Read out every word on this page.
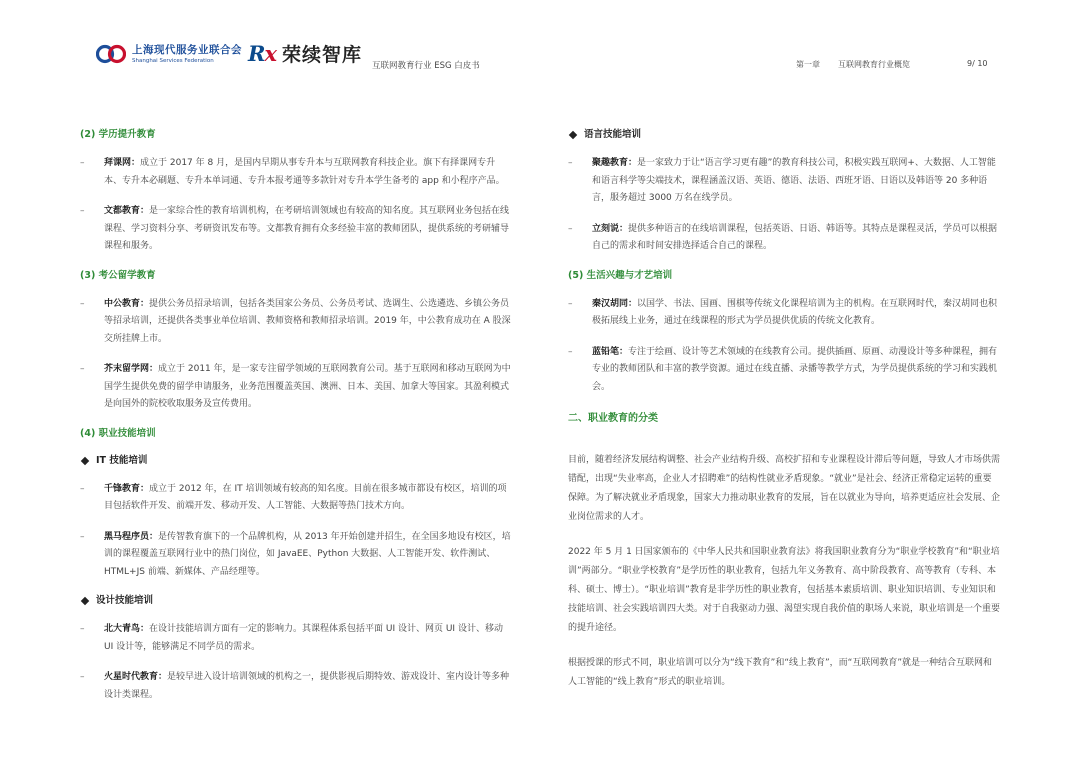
上海现代服务业联合会
Shanghai Services Federation	Rx 荣续智库 互联网教育行业 ESG 白皮书	第一章 互联网教育行业概览	9/ 10
(2) 学历提升教育
– 拜课网：成立于 2017 年 8 月，是国内早期从事专升本与互联网教育科技企业。旗下有择课网专升本、专升本必刷题、专升本单词通、专升本报考通等多款针对专升本学生备考的 app 和小程序产品。
– 文都教育：是一家综合性的教育培训机构，在考研培训领域也有较高的知名度。其互联网业务包括在线课程、学习资料分享、考研资讯发布等。文都教育拥有众多经验丰富的教师团队，提供系统的考研辅导课程和服务。
(3) 考公留学教育
– 中公教育：提供公务员招录培训，包括各类国家公务员、公务员考试、选调生、公选遴选、乡镇公务员等招录培训，还提供各类事业单位培训、教师资格和教师招录培训。2019 年，中公教育成功在 A 股深交所挂牌上市。
– 芥末留学网：成立于 2011 年，是一家专注留学领域的互联网教育公司。基于互联网和移动互联网为中国学生提供免费的留学申请服务，业务范围覆盖英国、澳洲、日本、美国、加拿大等国家。其盈利模式是向国外的院校收取服务及宣传费用。
(4) 职业技能培训
IT 技能培训
– 千锋教育：成立于 2012 年，在 IT 培训领域有较高的知名度。目前在很多城市都设有校区，培训的项目包括软件开发、前端开发、移动开发、人工智能、大数据等热门技术方向。
– 黑马程序员：是传智教育旗下的一个品牌机构，从 2013 年开始创建并招生，在全国多地设有校区，培训的课程覆盖互联网行业中的热门岗位，如 JavaEE、Python 大数据、人工智能开发、软件测试、HTML+JS 前端、新媒体、产品经理等。
设计技能培训
– 北大青鸟：在设计技能培训方面有一定的影响力。其课程体系包括平面 UI 设计、网页 UI 设计、移动 UI 设计等，能够满足不同学员的需求。
– 火星时代教育：是较早进入设计培训领域的机构之一，提供影视后期特效、游戏设计、室内设计等多种设计类课程。
语言技能培训
– 聚趣教育：是一家致力于让“语言学习更有趣”的教育科技公司，积极实践互联网+、大数据、人工智能和语言科学等尖端技术，课程涵盖汉语、英语、德语、法语、西班牙语、日语以及韩语等 20 多种语言，服务超过 3000 万名在线学员。
– 立刻说：提供多种语言的在线培训课程，包括英语、日语、韩语等。其特点是课程灵活，学员可以根据自己的需求和时间安排选择适合自己的课程。
(5) 生活兴趣与才艺培训
– 秦汉胡同：以国学、书法、国画、围棋等传统文化课程培训为主的机构。在互联网时代，秦汉胡同也积极拓展线上业务，通过在线课程的形式为学员提供优质的传统文化教育。
– 蓝铅笔：专注于绘画、设计等艺术领域的在线教育公司。提供插画、原画、动漫设计等多种课程，拥有专业的教师团队和丰富的教学资源。通过在线直播、录播等教学方式，为学员提供系统的学习和实践机会。
二、职业教育的分类
目前，随着经济发展结构调整、社会产业结构升级、高校扩招和专业课程设计滞后等问题，导致人才市场供需错配，出现“失业率高，企业人才招聘难”的结构性就业矛盾现象。“就业”是社会、经济正常稳定运转的重要保障。为了解决就业矛盾现象，国家大力推动职业教育的发展，旨在以就业为导向，培养更适应社会发展、企业岗位需求的人才。
2022 年 5 月 1 日国家颁布的《中华人民共和国职业教育法》将我国职业教育分为“职业学校教育”和“职业培训”两部分。“职业学校教育”是学历性的职业教育，包括九年义务教育、高中阶段教育、高等教育（专科、本科、硕士、博士）。“职业培训”教育是非学历性的职业教育，包括基本素质培训、职业知识培训、专业知识和技能培训、社会实践培训四大类。对于自我驱动力强、渴望实现自我价值的职场人来说，职业培训是一个重要的提升途径。
根据授课的形式不同，职业培训可以分为“线下教育”和“线上教育”，而“互联网教育”就是一种结合互联网和人工智能的“线上教育”形式的职业培训。
